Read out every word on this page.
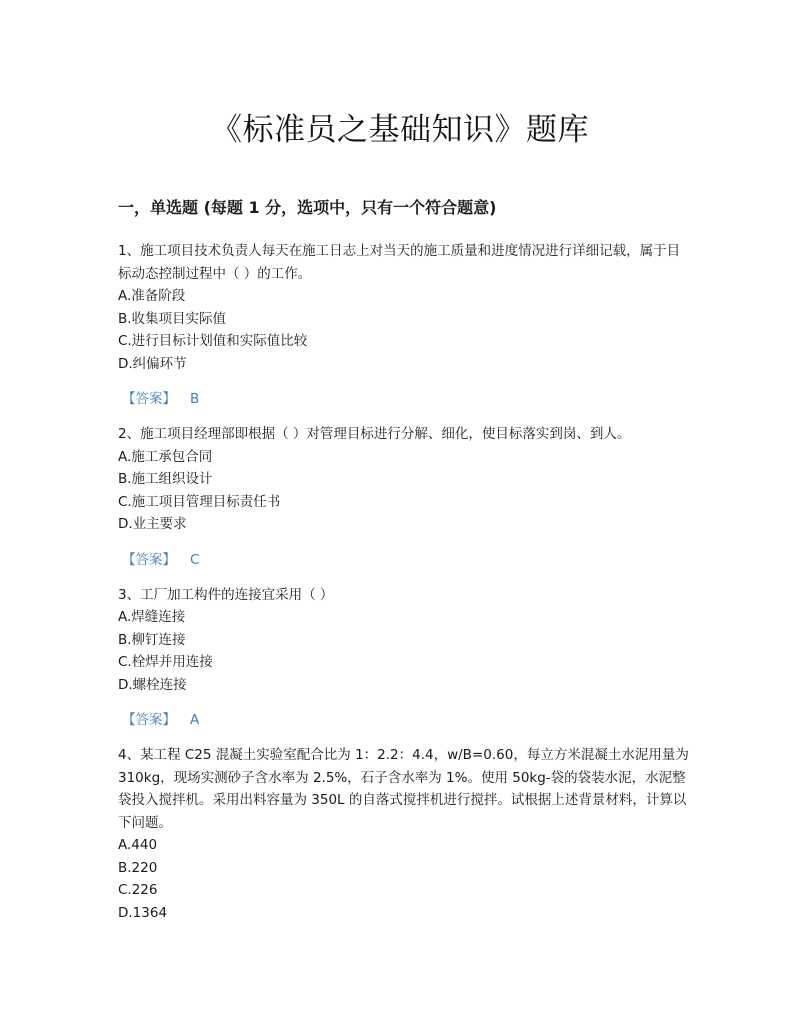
《标准员之基础知识》题库
一，单选题 (每题 1 分，选项中，只有一个符合题意)

1、施工项目技术负责人每天在施工日志上对当天的施工质量和进度情况进行详细记载，属于目标动态控制过程中（ ）的工作。

A.准备阶段

B.收集项目实际值

C.进行目标计划值和实际值比较

D.纠偏环节

【答案】 B

2、施工项目经理部即根据（ ）对管理目标进行分解、细化，使目标落实到岗、到人。

A.施工承包合同

B.施工组织设计

C.施工项目管理目标责任书

D.业主要求

【答案】 C

3、工厂加工构件的连接宜采用（ ）

A.焊缝连接

B.柳钉连接

C.栓焊并用连接

D.螺栓连接

【答案】 A

4、某工程 C25 混凝土实验室配合比为 1：2.2：4.4，w/B=0.60，每立方米混凝土水泥用量为 310kg，现场实测砂子含水率为 2.5%，石子含水率为 1%。使用 50kg-袋的袋装水泥，水泥整袋投入搅拌机。采用出料容量为 350L 的自落式搅拌机进行搅拌。试根据上述背景材料，计算以下问题。

A.440

B.220

C.226

D.1364
